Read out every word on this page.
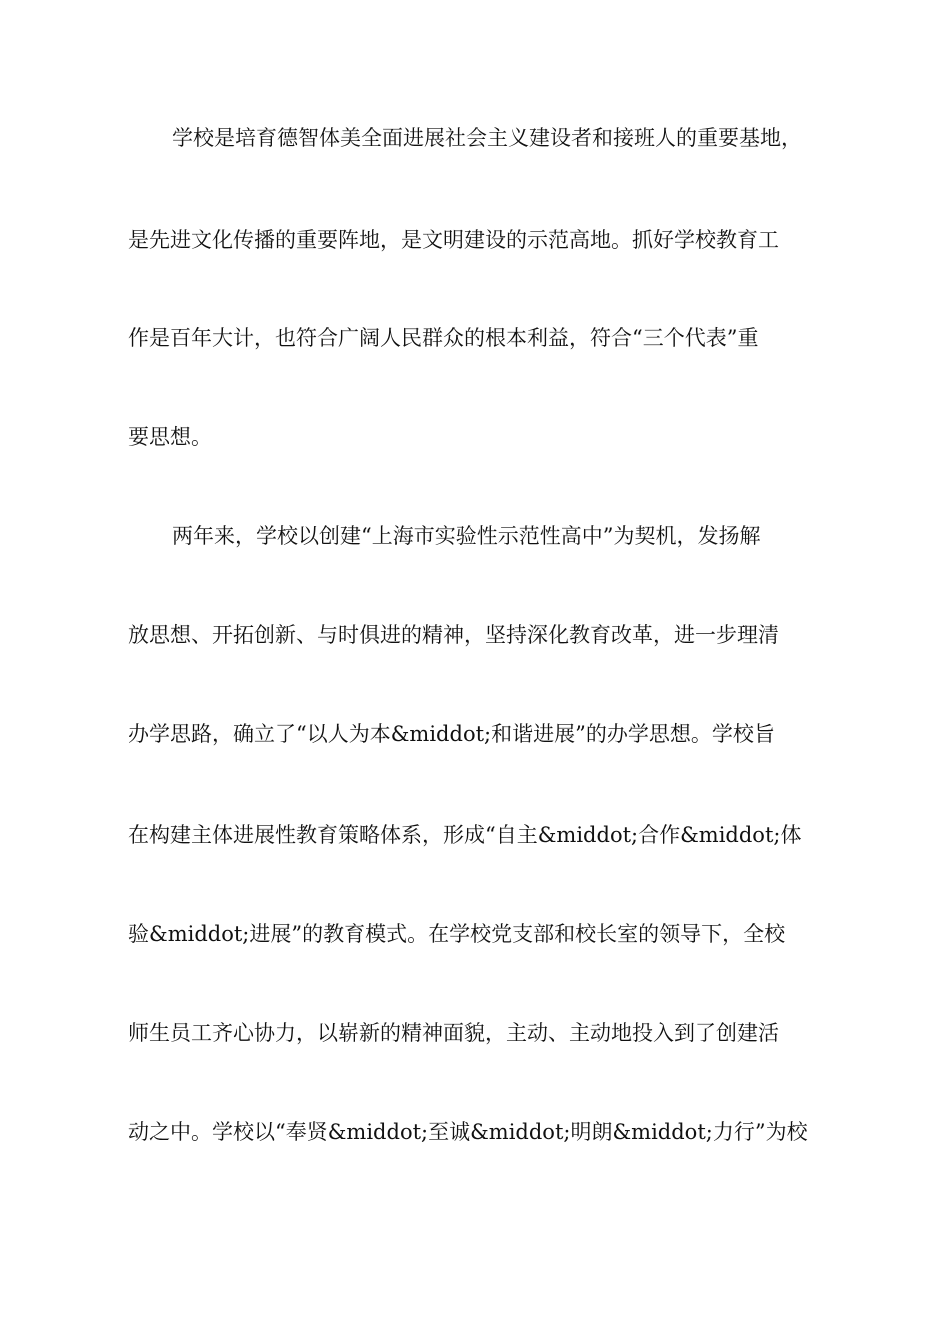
学校是培育德智体美全面进展社会主义建设者和接班人的重要基地，
是先进文化传播的重要阵地，是文明建设的示范高地。抓好学校教育工
作是百年大计，也符合广阔人民群众的根本利益，符合“三个代表”重
要思想。
两年来，学校以创建“上海市实验性示范性高中”为契机，发扬解
放思想、开拓创新、与时俱进的精神，坚持深化教育改革，进一步理清
办学思路，确立了“以人为本&middot;和谐进展”的办学思想。学校旨
在构建主体进展性教育策略体系，形成“自主&middot;合作&middot;体
验&middot;进展”的教育模式。在学校党支部和校长室的领导下，全校
师生员工齐心协力，以崭新的精神面貌，主动、主动地投入到了创建活
动之中。学校以“奉贤&middot;至诚&middot;明朗&middot;力行”为校
